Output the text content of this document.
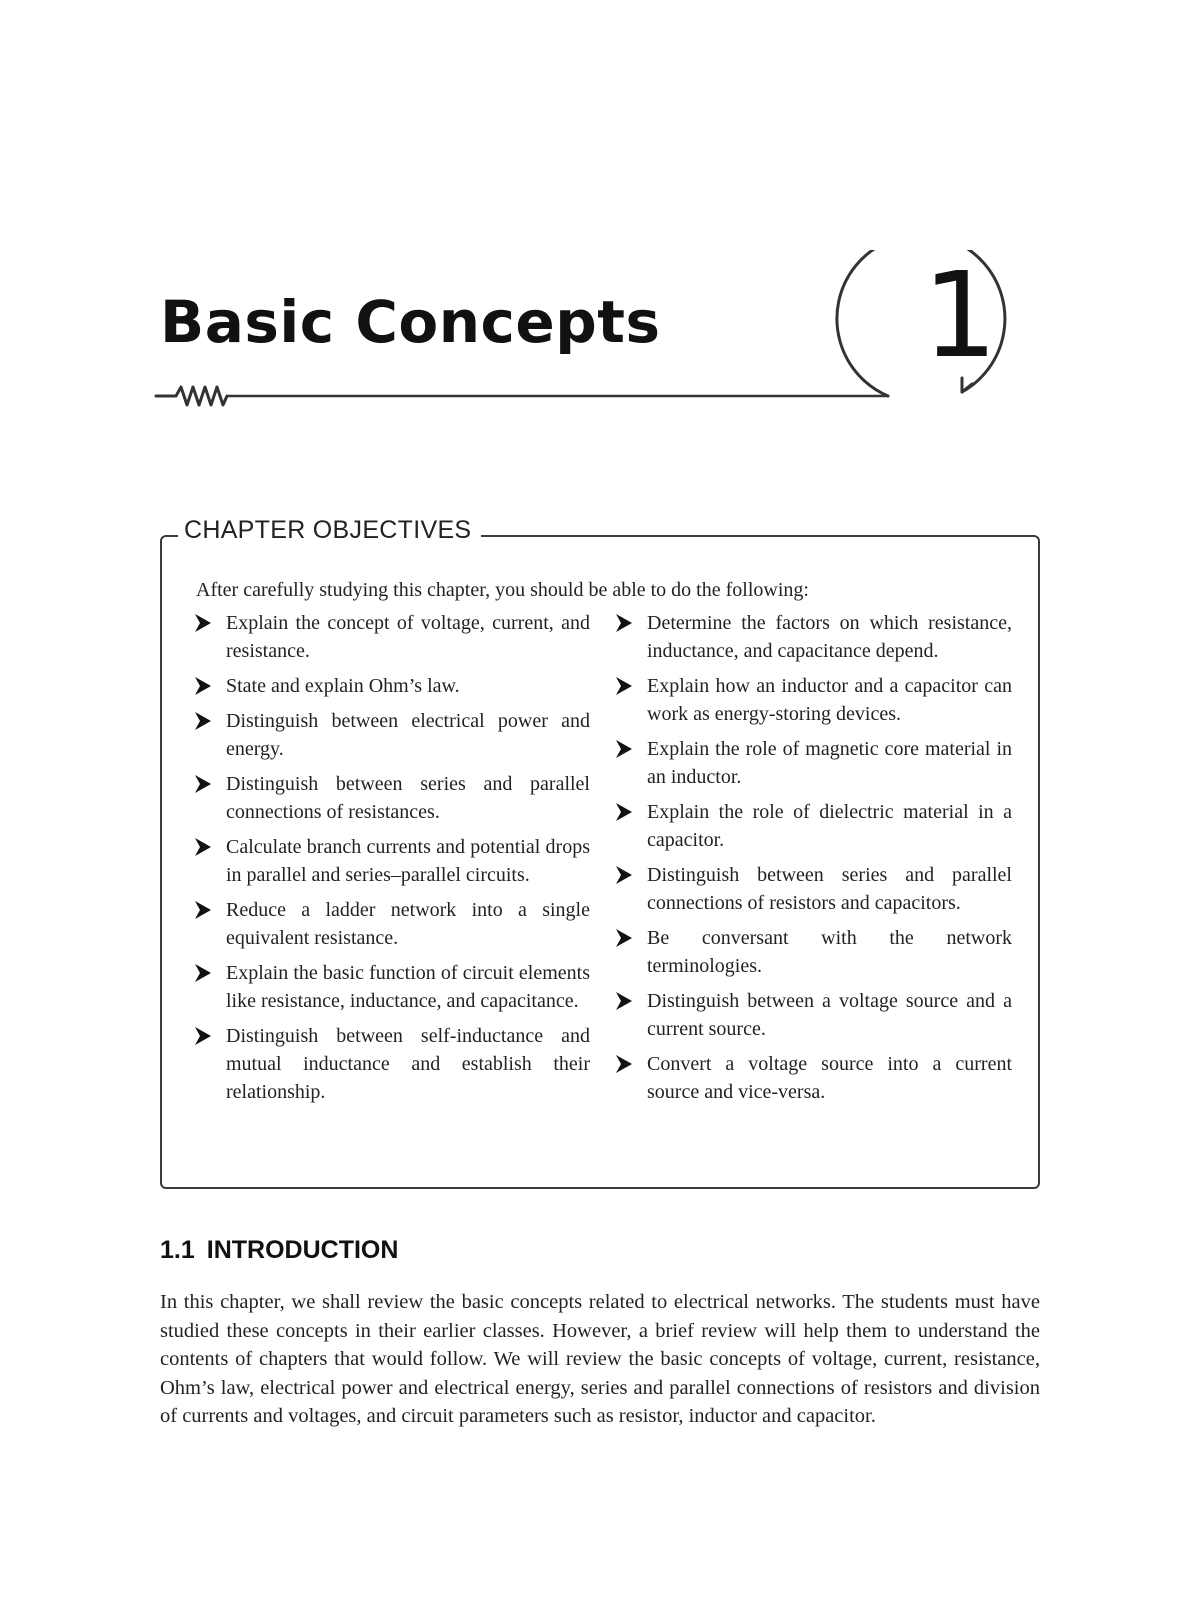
Basic Concepts	1
CHAPTER OBJECTIVES

After carefully studying this chapter, you should be able to do the following:

Explain the concept of voltage, current, and resistance.
State and explain Ohm’s law.
Distinguish between electrical power and energy.
Distinguish between series and parallel connections of resistances.
Calculate branch currents and potential drops in parallel and series–parallel circuits.
Reduce a ladder network into a single equivalent resistance.
Explain the basic function of circuit elements like resistance, inductance, and capacitance.
Distinguish between self-inductance and mutual inductance and establish their relationship.
Determine the factors on which resistance, inductance, and capacitance depend.
Explain how an inductor and a capacitor can work as energy-storing devices.
Explain the role of magnetic core material in an inductor.
Explain the role of dielectric material in a capacitor.
Distinguish between series and parallel connections of resistors and capacitors.
Be conversant with the network terminologies.
Distinguish between a voltage source and a current source.
Convert a voltage source into a current source and vice-versa.
1.1 INTRODUCTION

In this chapter, we shall review the basic concepts related to electrical networks. The students must have studied these concepts in their earlier classes. However, a brief review will help them to understand the contents of chapters that would follow. We will review the basic concepts of voltage, current, resistance, Ohm’s law, electrical power and electrical energy, series and parallel connections of resistors and division of currents and voltages, and circuit parameters such as resistor, inductor and capacitor.
